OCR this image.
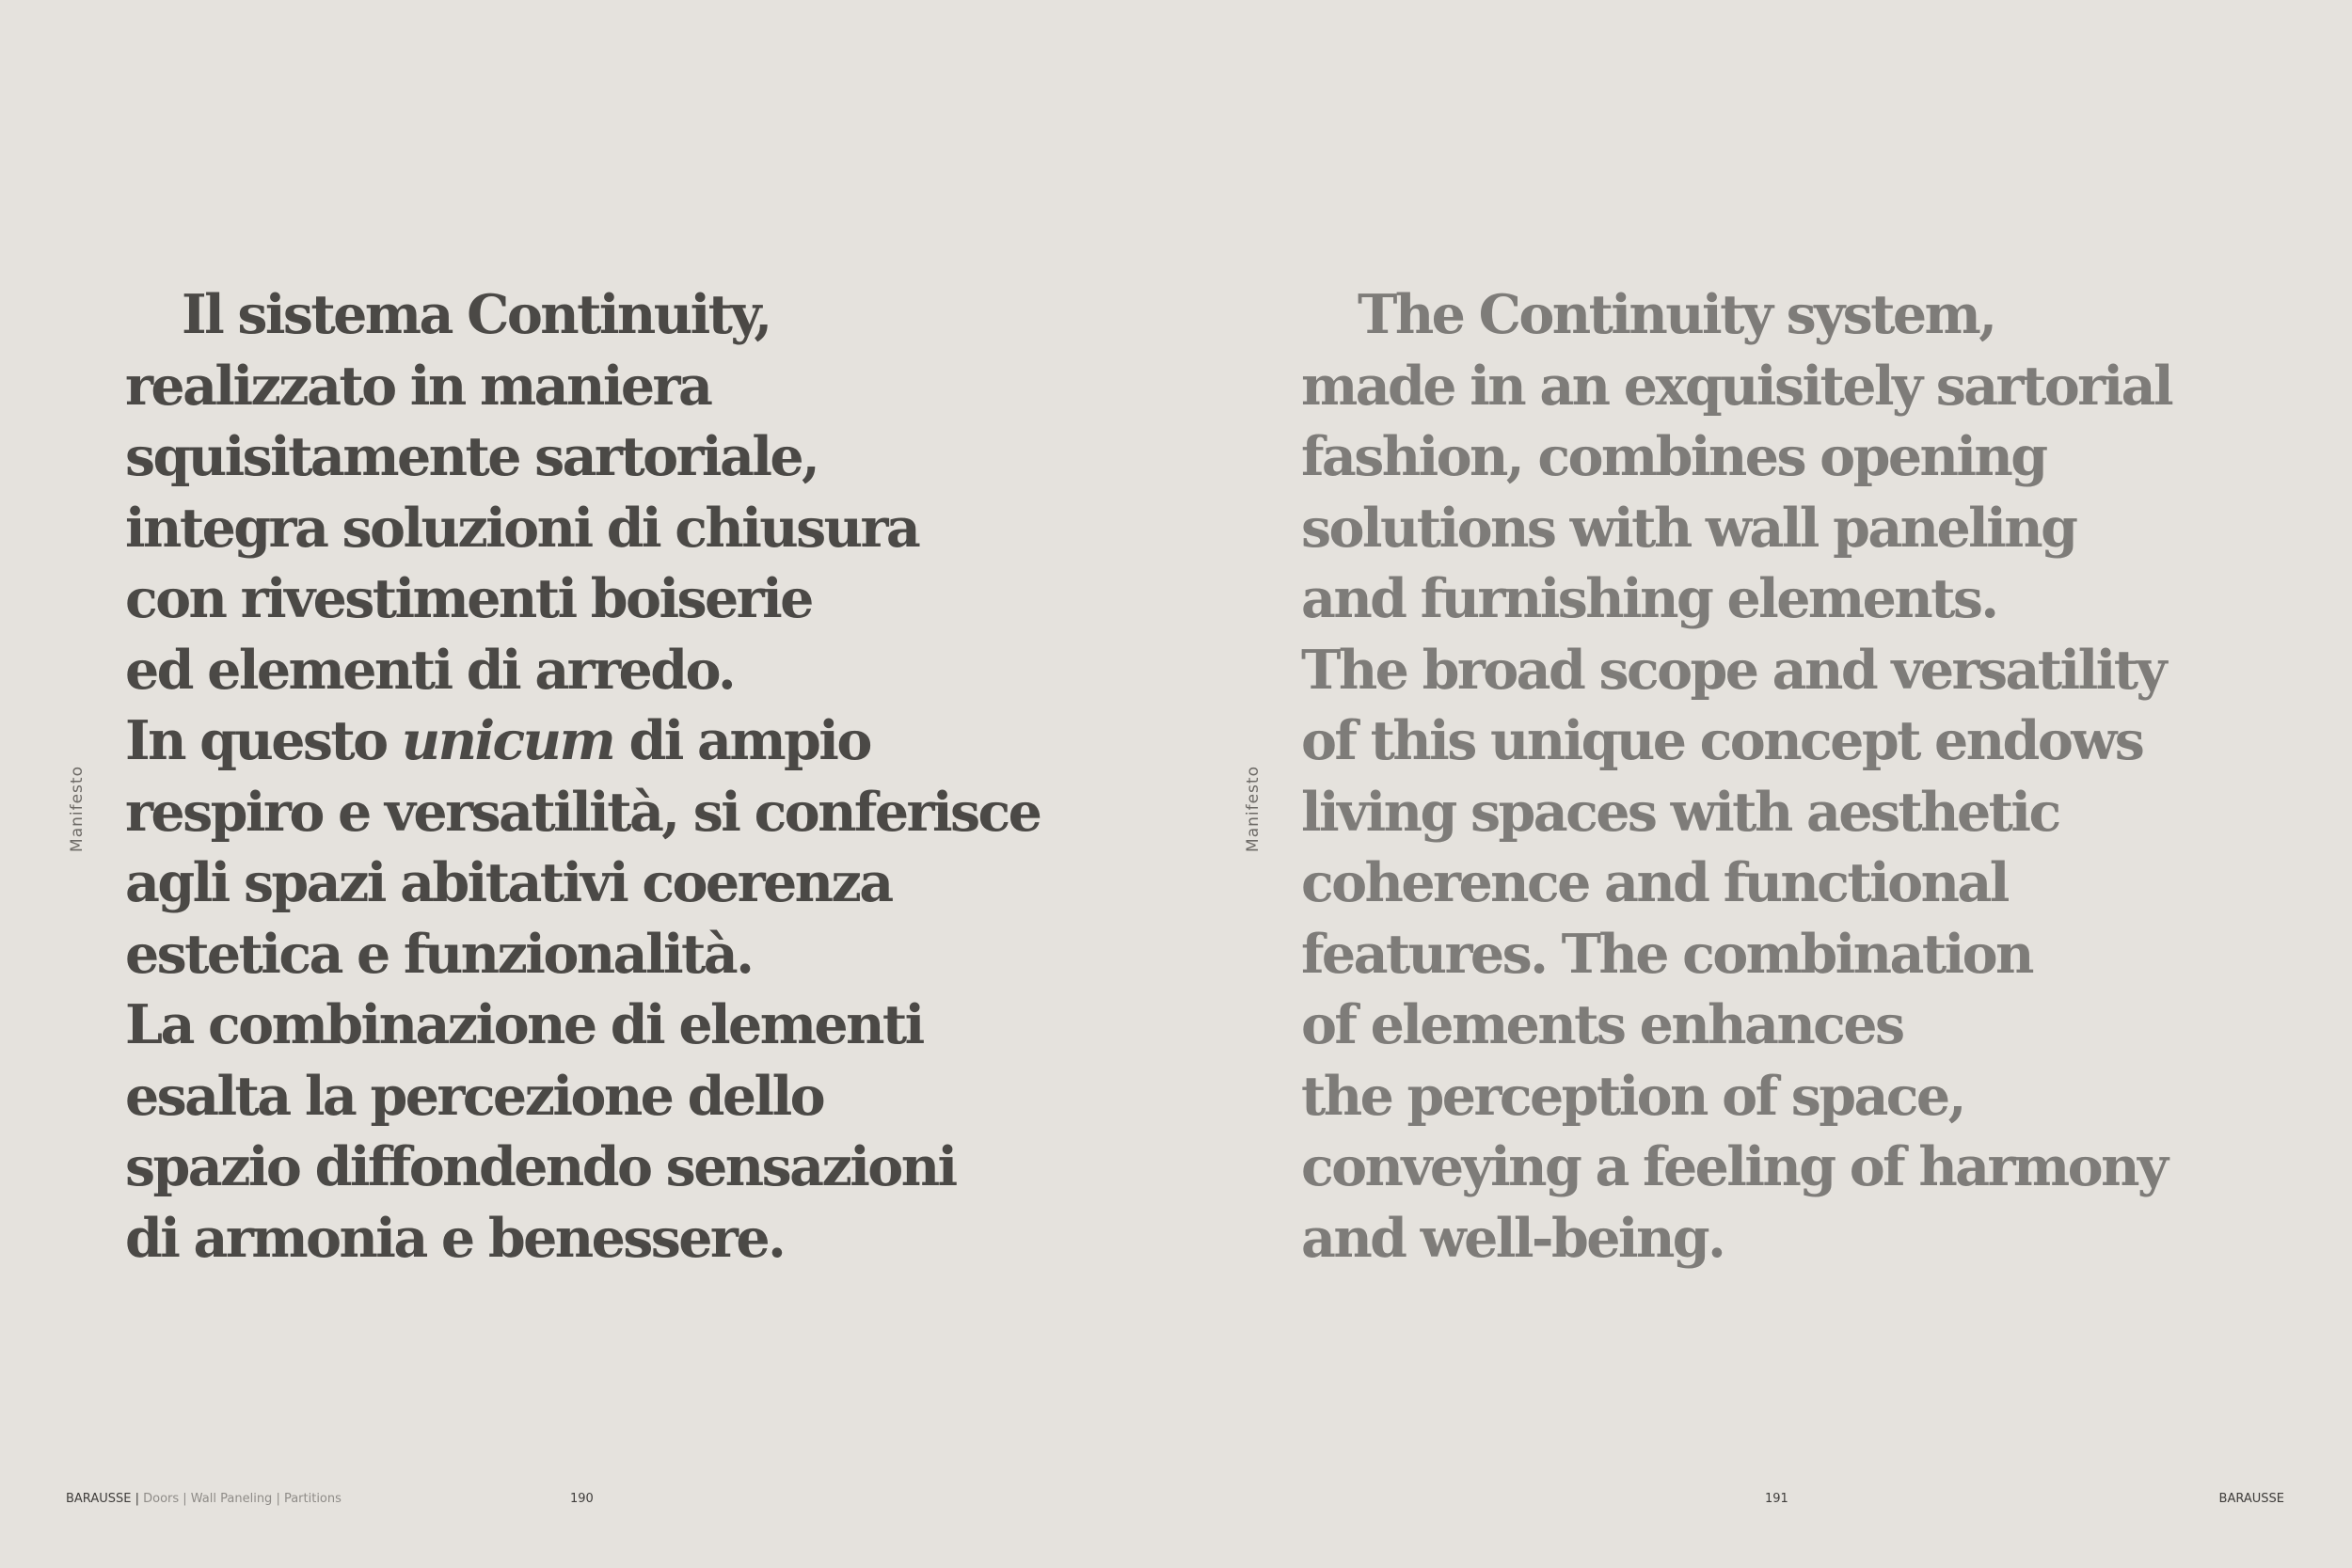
Manifesto

Il sistema Continuity,
realizzato in maniera
squisitamente sartoriale,
integra soluzioni di chiusura
con rivestimenti boiserie
ed elementi di arredo.
In questo unicum di ampio
respiro e versatilità, si conferisce
agli spazi abitativi coerenza
estetica e funzionalità.
La combinazione di elementi
esalta la percezione dello
spazio diffondendo sensazioni
di armonia e benessere.

BARAUSSE | Doors | Wall Paneling | Partitions	190
Manifesto

The Continuity system,
made in an exquisitely sartorial
fashion, combines opening
solutions with wall paneling
and furnishing elements.
The broad scope and versatility
of this unique concept endows
living spaces with aesthetic
coherence and functional
features. The combination
of elements enhances
the perception of space,
conveying a feeling of harmony
and well-being.

191	BARAUSSE
